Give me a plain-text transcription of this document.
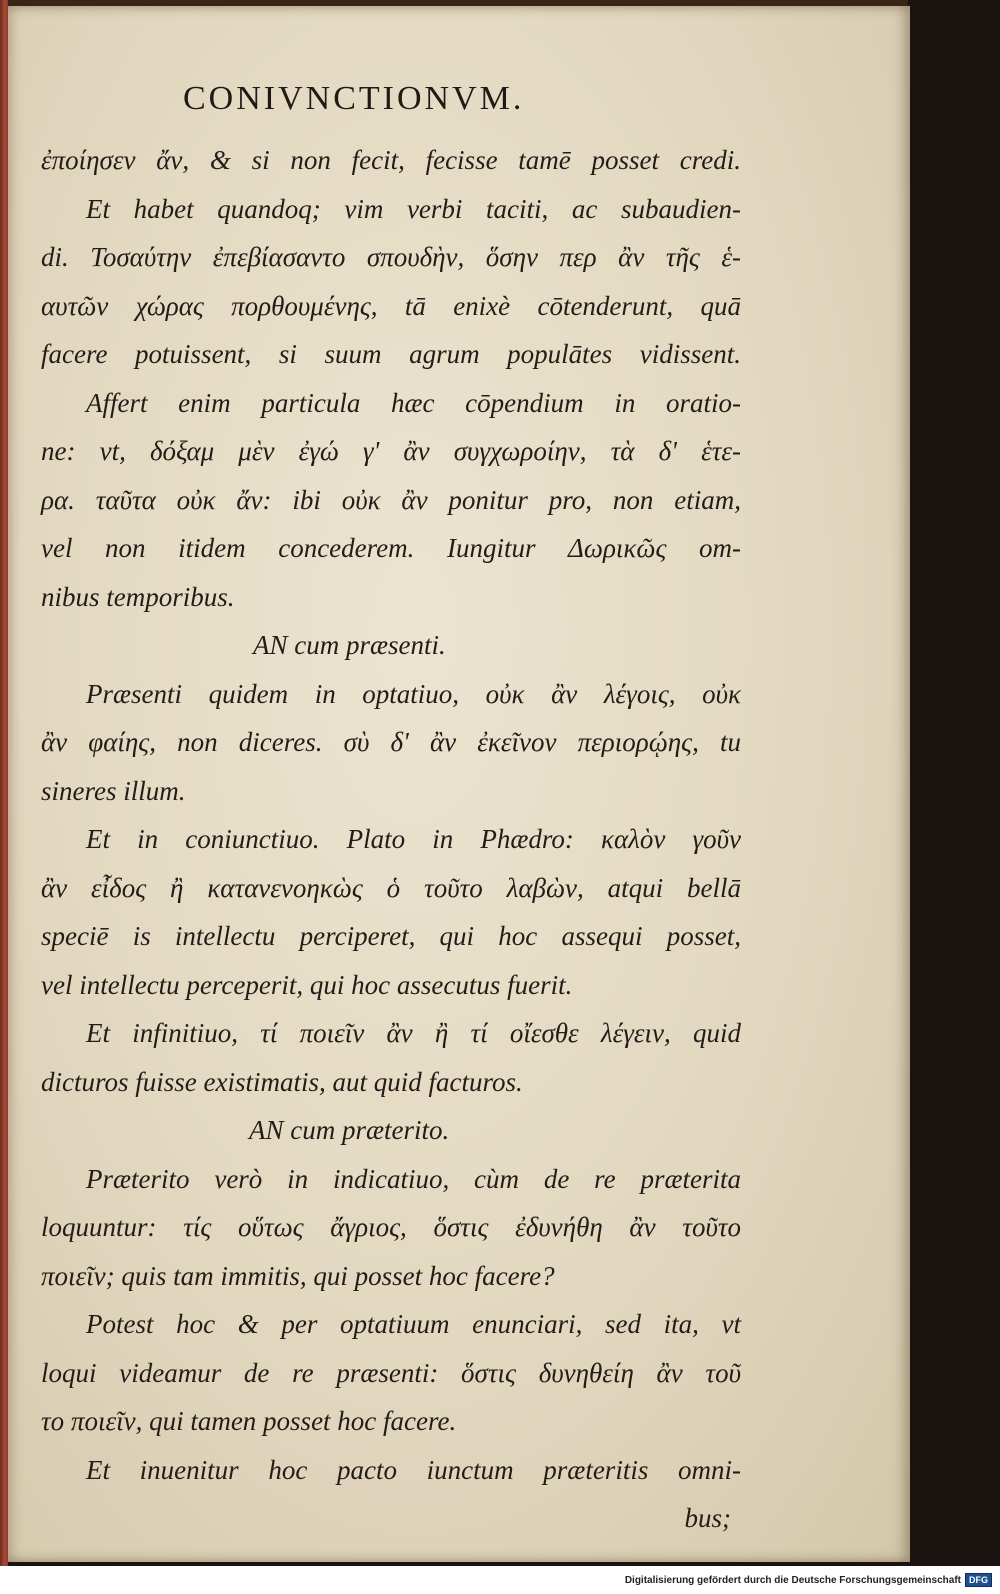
CONIVNCTIONVM.
ἐποίησεν ἄν, & si non fecit, fecisse tamē posset credi.
Et habet quandoq; vim verbi taciti, ac subaudien-
di. Τοσαύτην ἐπεβίασαντο σπουδὴν, ὅσην περ ἂν τῆς ἑ-
αυτῶν χώρας πορθουμένης, tā enixè cōtenderunt, quā
facere potuissent, si suum agrum populātes vidissent.
Affert enim particula hæc cōpendium in oratio-
ne: vt, δόξαμ μὲν ἐγώ γ' ἂν συγχωροίην, τὰ δ' ἑτε-
ρα. ταῦτα οὐκ ἄν: ibi οὐκ ἂν ponitur pro, non etiam,
vel non itidem concederem. Iungitur Δωρικῶς om-
nibus temporibus.
AN cum præsenti.
Præsenti quidem in optatiuo, οὐκ ἂν λέγοις, οὐκ
ἂν φαίης, non diceres. σὺ δ' ἂν ἐκεῖνον περιορῴης, tu
sineres illum.
Et in coniunctiuo. Plato in Phædro: καλὸν γοῦν
ἂν εἶδος ἢ κατανενοηκὼς ὁ τοῦτο λαβὼν, atqui bellā
speciē is intellectu perciperet, qui hoc assequi posset,
vel intellectu perceperit, qui hoc assecutus fuerit.
Et infinitiuo, τί ποιεῖν ἂν ἢ τί οἴεσθε λέγειν, quid
dicturos fuisse existimatis, aut quid facturos.
AN cum præterito.
Præterito verò in indicatiuo, cùm de re præterita
loquuntur: τίς οὕτως ἄγριος, ὅστις ἐδυνήθη ἂν τοῦτο
ποιεῖν; quis tam immitis, qui posset hoc facere?
Potest hoc & per optatiuum enunciari, sed ita, vt
loqui videamur de re præsenti: ὅστις δυνηθείη ἂν τοῦ
το ποιεῖν, qui tamen posset hoc facere.
Et inuenitur hoc pacto iunctum præteritis omni-
bus;
Digitalisierung gefördert durch die Deutsche Forschungsgemeinschaft DFG
